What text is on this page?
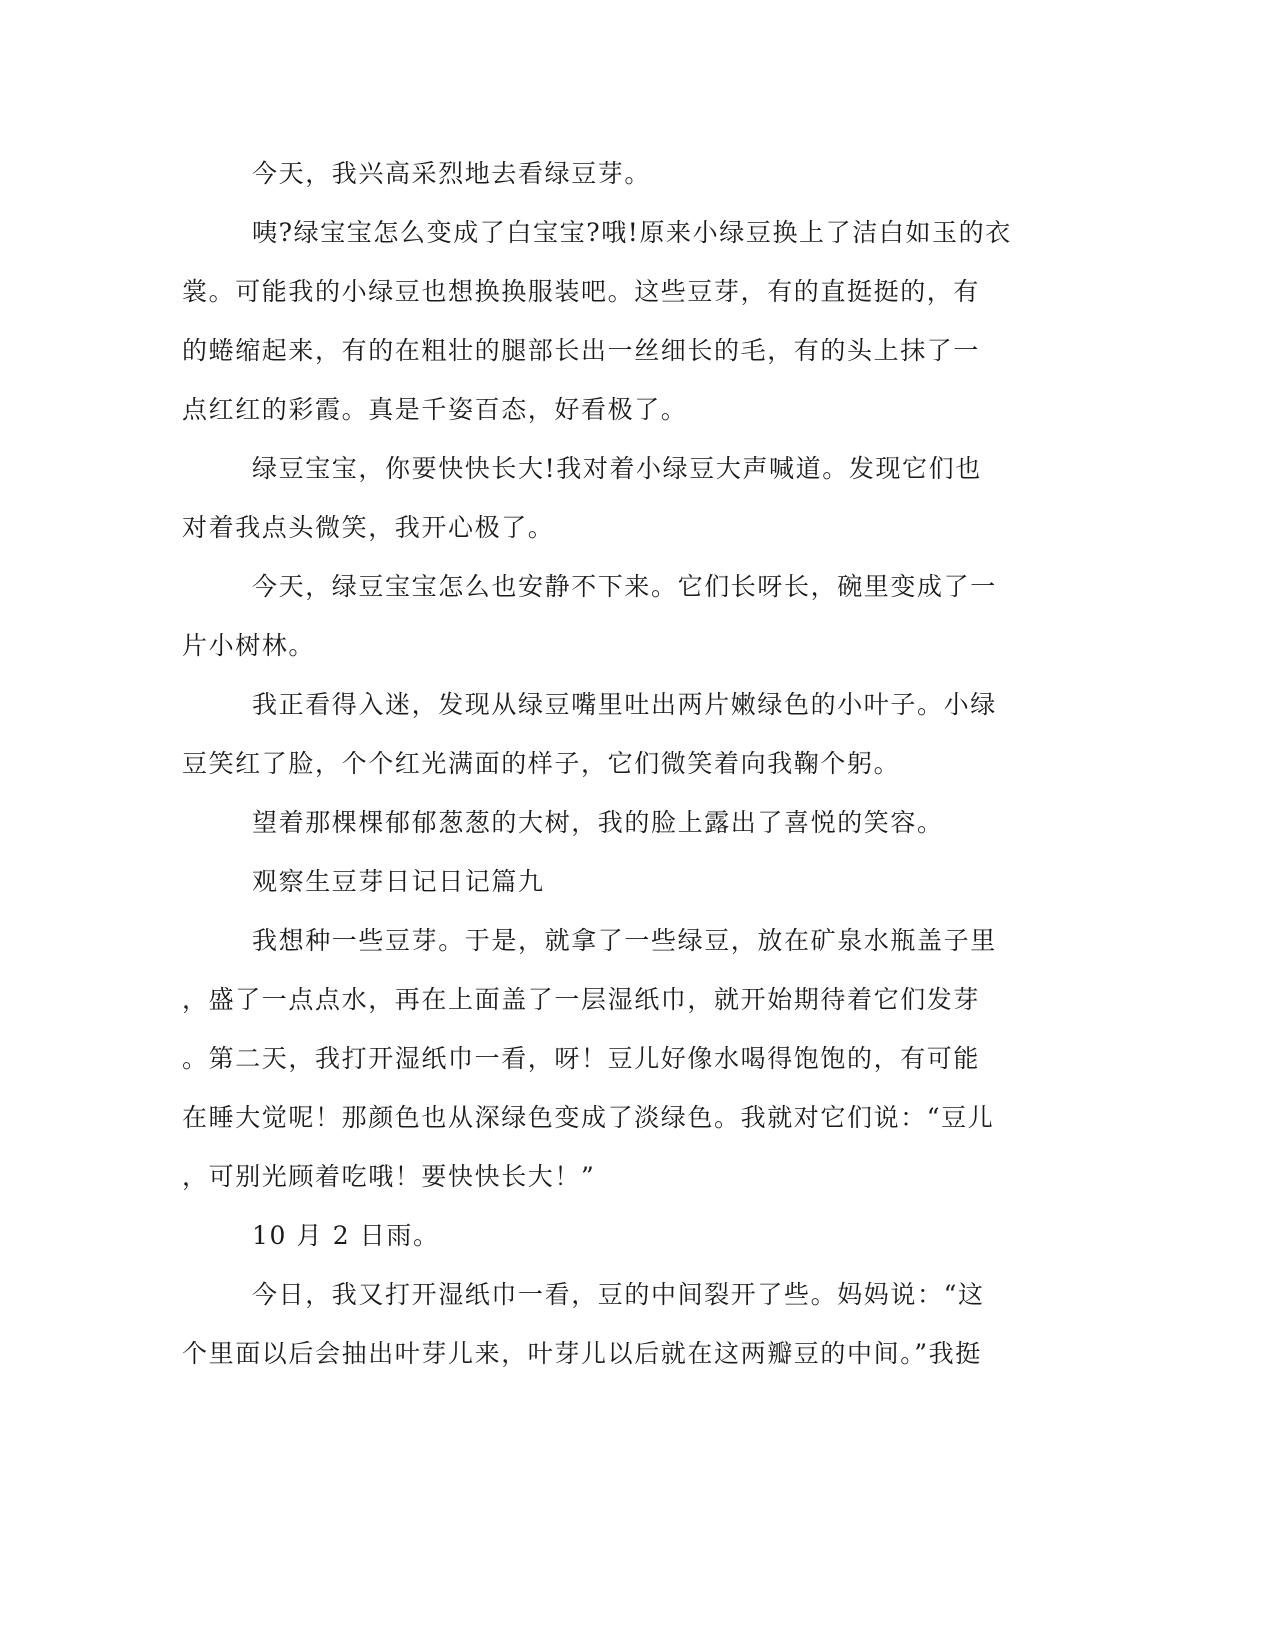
今天，我兴高采烈地去看绿豆芽。
咦?绿宝宝怎么变成了白宝宝?哦!原来小绿豆换上了洁白如玉的衣
裳。可能我的小绿豆也想换换服装吧。这些豆芽，有的直挺挺的，有
的蜷缩起来，有的在粗壮的腿部长出一丝细长的毛，有的头上抹了一
点红红的彩霞。真是千姿百态，好看极了。
绿豆宝宝，你要快快长大!我对着小绿豆大声喊道。发现它们也
对着我点头微笑，我开心极了。
今天，绿豆宝宝怎么也安静不下来。它们长呀长，碗里变成了一
片小树林。
我正看得入迷，发现从绿豆嘴里吐出两片嫩绿色的小叶子。小绿
豆笑红了脸，个个红光满面的样子，它们微笑着向我鞠个躬。
望着那棵棵郁郁葱葱的大树，我的脸上露出了喜悦的笑容。
观察生豆芽日记日记篇九
我想种一些豆芽。于是，就拿了一些绿豆，放在矿泉水瓶盖子里
，盛了一点点水，再在上面盖了一层湿纸巾，就开始期待着它们发芽
。第二天，我打开湿纸巾一看，呀！豆儿好像水喝得饱饱的，有可能
在睡大觉呢！那颜色也从深绿色变成了淡绿色。我就对它们说：“豆儿
，可别光顾着吃哦！要快快长大！”
10 月 2 日雨。
今日，我又打开湿纸巾一看，豆的中间裂开了些。妈妈说：“这
个里面以后会抽出叶芽儿来，叶芽儿以后就在这两瓣豆的中间。”我挺
